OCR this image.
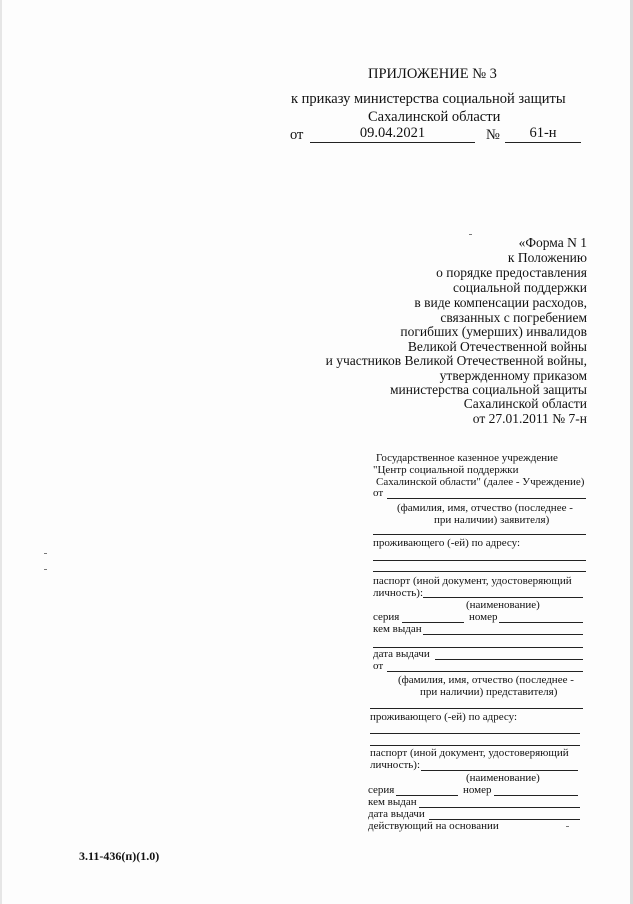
ПРИЛОЖЕНИЕ № 3
к приказу министерства социальной защиты
Сахалинской области
от	09.04.2021	№	61-н
«Форма N 1
к Положению
о порядке предоставления
социальной поддержки
в виде компенсации расходов,
связанных с погребением
погибших (умерших) инвалидов
Великой Отечественной войны
и участников Великой Отечественной войны,
утвержденному приказом
министерства социальной защиты
Сахалинской области
от 27.01.2011 № 7-н
Государственное казенное учреждение
"Центр социальной поддержки
Сахалинской области" (далее - Учреждение)
от
(фамилия, имя, отчество (последнее -
при наличии) заявителя)
проживающего (-ей) по адресу:
паспорт (иной документ, удостоверяющий
личность):
(наименование)
серия	номер
кем выдан
дата выдачи
от
(фамилия, имя, отчество (последнее -
при наличии) представителя)
проживающего (-ей) по адресу:
паспорт (иной документ, удостоверяющий
личность):
(наименование)
серия	номер
кем выдан
дата выдачи
действующий на основании
3.11-436(п)(1.0)
